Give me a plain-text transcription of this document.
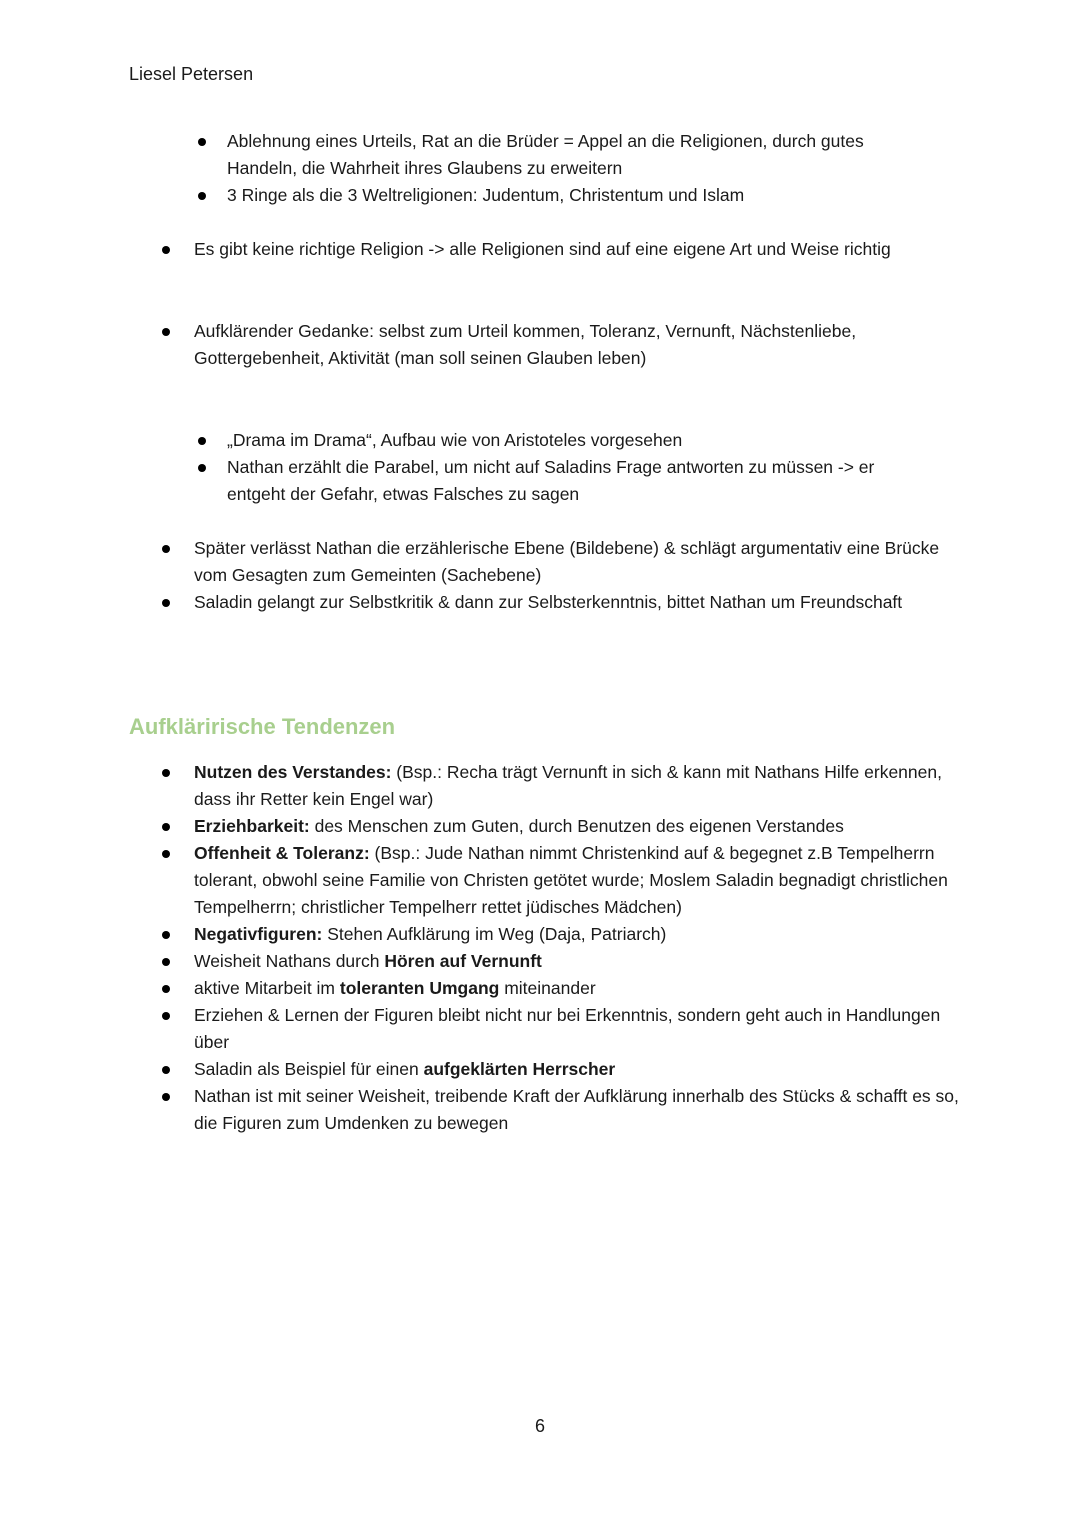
Liesel Petersen
Ablehnung eines Urteils, Rat an die Brüder = Appel an die Religionen, durch gutes Handeln, die Wahrheit ihres Glaubens zu erweitern
3 Ringe als die 3 Weltreligionen: Judentum, Christentum und Islam
Es gibt keine richtige Religion -> alle Religionen sind auf eine eigene Art und Weise richtig
Aufklärender Gedanke: selbst zum Urteil kommen, Toleranz, Vernunft, Nächstenliebe, Gottergebenheit, Aktivität (man soll seinen Glauben leben)
„Drama im Drama“, Aufbau wie von Aristoteles vorgesehen
Nathan erzählt die Parabel, um nicht auf Saladins Frage antworten zu müssen -> er entgeht der Gefahr, etwas Falsches zu sagen
Später verlässt Nathan die erzählerische Ebene (Bildebene) & schlägt argumentativ eine Brücke vom Gesagten zum Gemeinten (Sachebene)
Saladin gelangt zur Selbstkritik & dann zur Selbsterkenntnis, bittet Nathan um Freundschaft
Aufkläririsch​e Tendenzen
Nutzen des Verstandes: (Bsp.: Recha trägt Vernunft in sich & kann mit Nathans Hilfe erkennen, dass ihr Retter kein Engel war)
Erziehbarkeit: des Menschen zum Guten, durch Benutzen des eigenen Verstandes
Offenheit & Toleranz: (Bsp.: Jude Nathan nimmt Christenkind auf & begegnet z.B Tempelherrn tolerant, obwohl seine Familie von Christen getötet wurde; Moslem Saladin begnadigt christlichen Tempelherrn; christlicher Tempelherr rettet jüdisches Mädchen)
Negativfiguren: Stehen Aufklärung im Weg (Daja, Patriarch)
Weisheit Nathans durch Hören auf Vernunft
aktive Mitarbeit im toleranten Umgang miteinander
Erziehen & Lernen der Figuren bleibt nicht nur bei Erkenntnis, sondern geht auch in Handlungen über
Saladin als Beispiel für einen aufgeklärten Herrscher
Nathan ist mit seiner Weisheit, treibende Kraft der Aufklärung innerhalb des Stücks & schafft es so, die Figuren zum Umdenken zu bewegen
6
